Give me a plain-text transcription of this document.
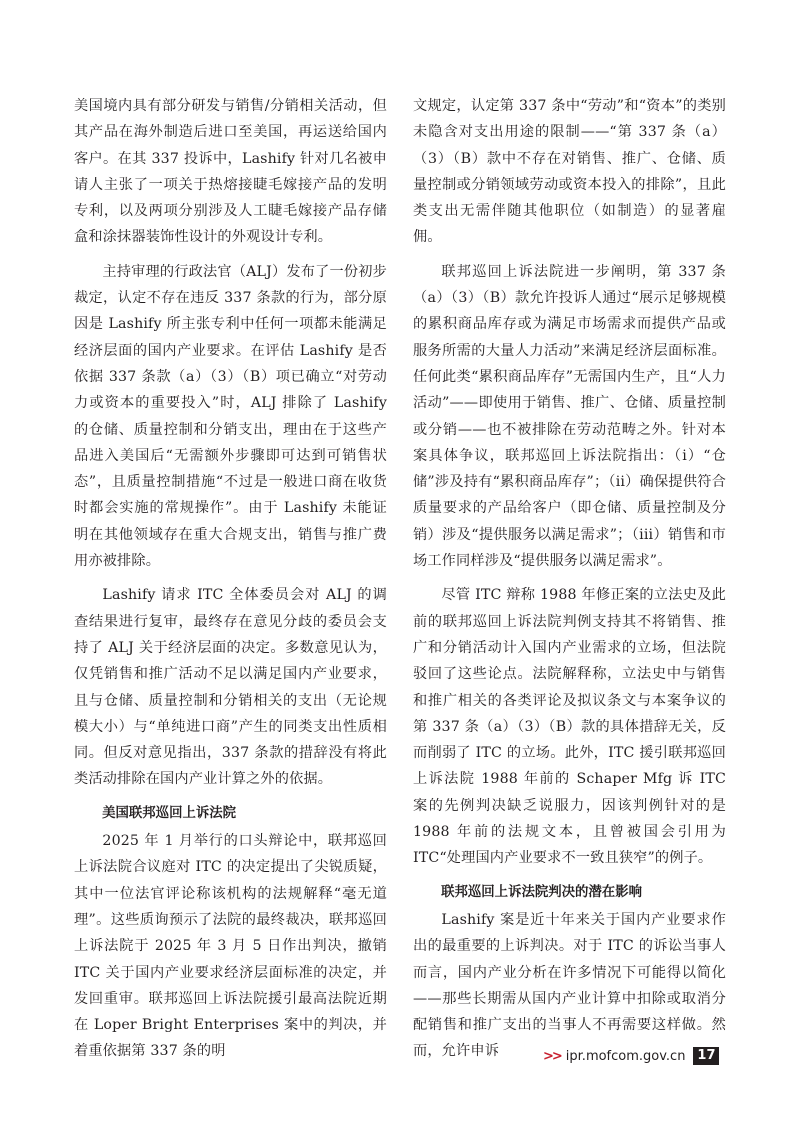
美国境内具有部分研发与销售/分销相关活动，但其产品在海外制造后进口至美国，再运送给国内客户。在其 337 投诉中，Lashify 针对几名被申请人主张了一项关于热熔接睫毛嫁接产品的发明专利，以及两项分别涉及人工睫毛嫁接产品存储盒和涂抹器装饰性设计的外观设计专利。

主持审理的行政法官（ALJ）发布了一份初步裁定，认定不存在违反 337 条款的行为，部分原因是 Lashify 所主张专利中任何一项都未能满足经济层面的国内产业要求。在评估 Lashify 是否依据 337 条款（a）（3）（B）项已确立“对劳动力或资本的重要投入”时，ALJ 排除了 Lashify 的仓储、质量控制和分销支出，理由在于这些产品进入美国后“无需额外步骤即可达到可销售状态”，且质量控制措施“不过是一般进口商在收货时都会实施的常规操作”。由于 Lashify 未能证明在其他领域存在重大合规支出，销售与推广费用亦被排除。

Lashify 请求 ITC 全体委员会对 ALJ 的调查结果进行复审，最终存在意见分歧的委员会支持了 ALJ 关于经济层面的决定。多数意见认为，仅凭销售和推广活动不足以满足国内产业要求，且与仓储、质量控制和分销相关的支出（无论规模大小）与“单纯进口商”产生的同类支出性质相同。但反对意见指出，337 条款的措辞没有将此类活动排除在国内产业计算之外的依据。

美国联邦巡回上诉法院

2025 年 1 月举行的口头辩论中，联邦巡回上诉法院合议庭对 ITC 的决定提出了尖锐质疑，其中一位法官评论称该机构的法规解释“毫无道理”。这些质询预示了法院的最终裁决，联邦巡回上诉法院于 2025 年 3 月 5 日作出判决，撤销 ITC 关于国内产业要求经济层面标准的决定，并发回重审。联邦巡回上诉法院援引最高法院近期在 Loper Bright Enterprises 案中的判决，并着重依据第 337 条的明

文规定，认定第 337 条中“劳动”和“资本”的类别未隐含对支出用途的限制——“第 337 条（a）（3）（B）款中不存在对销售、推广、仓储、质量控制或分销领域劳动或资本投入的排除”，且此类支出无需伴随其他职位（如制造）的显著雇佣。

联邦巡回上诉法院进一步阐明，第 337 条（a）（3）（B）款允许投诉人通过“展示足够规模的累积商品库存或为满足市场需求而提供产品或服务所需的大量人力活动”来满足经济层面标准。任何此类“累积商品库存”无需国内生产，且“人力活动”——即使用于销售、推广、仓储、质量控制或分销——也不被排除在劳动范畴之外。针对本案具体争议，联邦巡回上诉法院指出：（i）“仓储”涉及持有“累积商品库存”；（ii）确保提供符合质量要求的产品给客户（即仓储、质量控制及分销）涉及“提供服务以满足需求”；（iii）销售和市场工作同样涉及“提供服务以满足需求”。

尽管 ITC 辩称 1988 年修正案的立法史及此前的联邦巡回上诉法院判例支持其不将销售、推广和分销活动计入国内产业需求的立场，但法院驳回了这些论点。法院解释称，立法史中与销售和推广相关的各类评论及拟议条文与本案争议的第 337 条（a）（3）（B）款的具体措辞无关，反而削弱了 ITC 的立场。此外，ITC 援引联邦巡回上诉法院 1988 年前的 Schaper Mfg 诉 ITC 案的先例判决缺乏说服力，因该判例针对的是 1988 年前的法规文本，且曾被国会引用为 ITC“处理国内产业要求不一致且狭窄”的例子。

联邦巡回上诉法院判决的潜在影响

Lashify 案是近十年来关于国内产业要求作出的最重要的上诉判决。对于 ITC 的诉讼当事人而言，国内产业分析在许多情况下可能得以简化——那些长期需从国内产业计算中扣除或取消分配销售和推广支出的当事人不再需要这样做。然而，允许申诉	>> ipr.mofcom.gov.cn 17
